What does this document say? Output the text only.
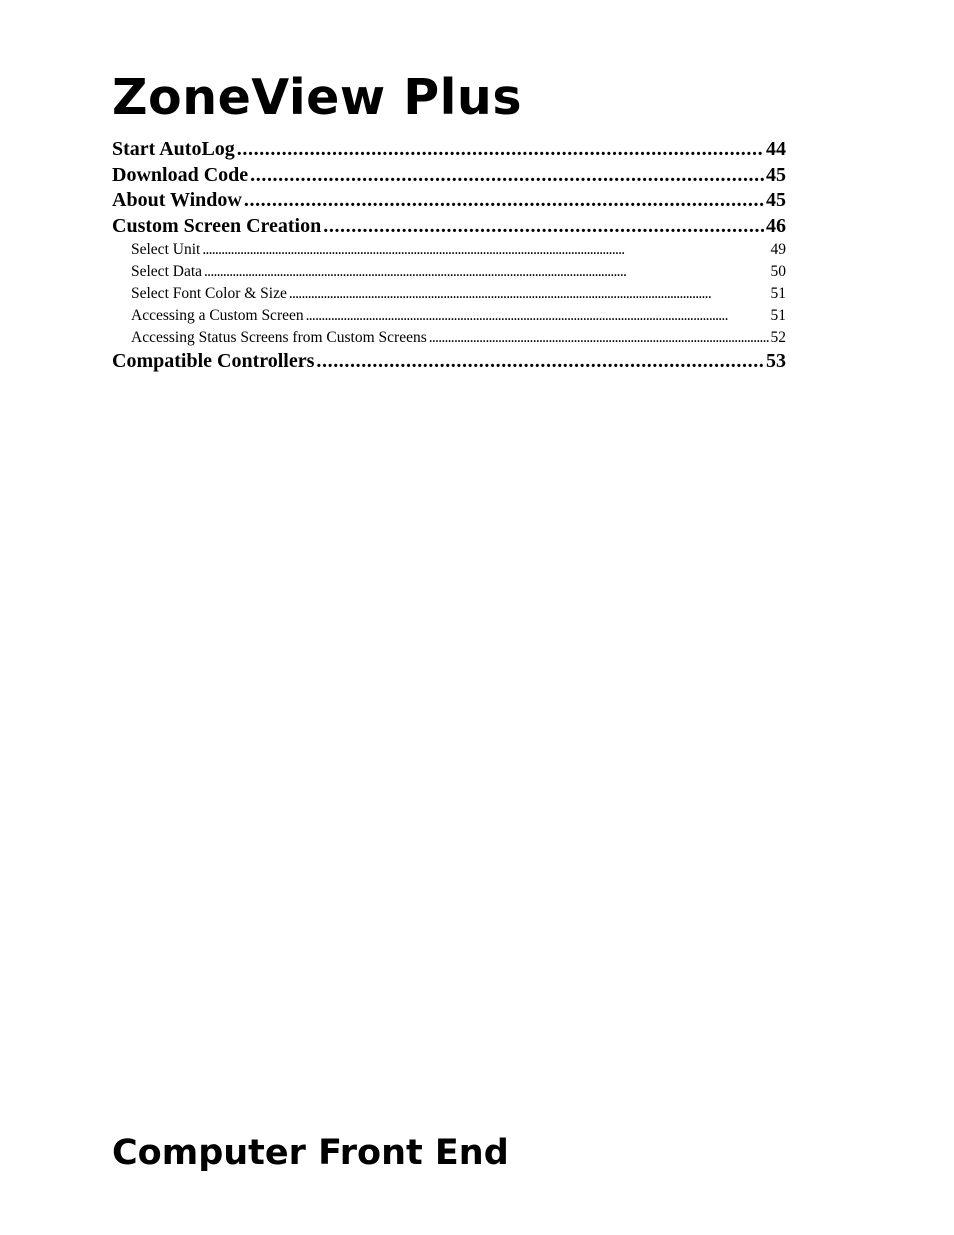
ZoneView Plus
Start AutoLog . . .	44
Download Code . . .	45
About Window . . .	45
Custom Screen Creation . . .	46
Select Unit . . .	49
Select Data . . .	50
Select Font Color & Size . . .	51
Accessing a Custom Screen . . .	51
Accessing Status Screens from Custom Screens . . .	52
Compatible Controllers . . .	53
Computer Front End
